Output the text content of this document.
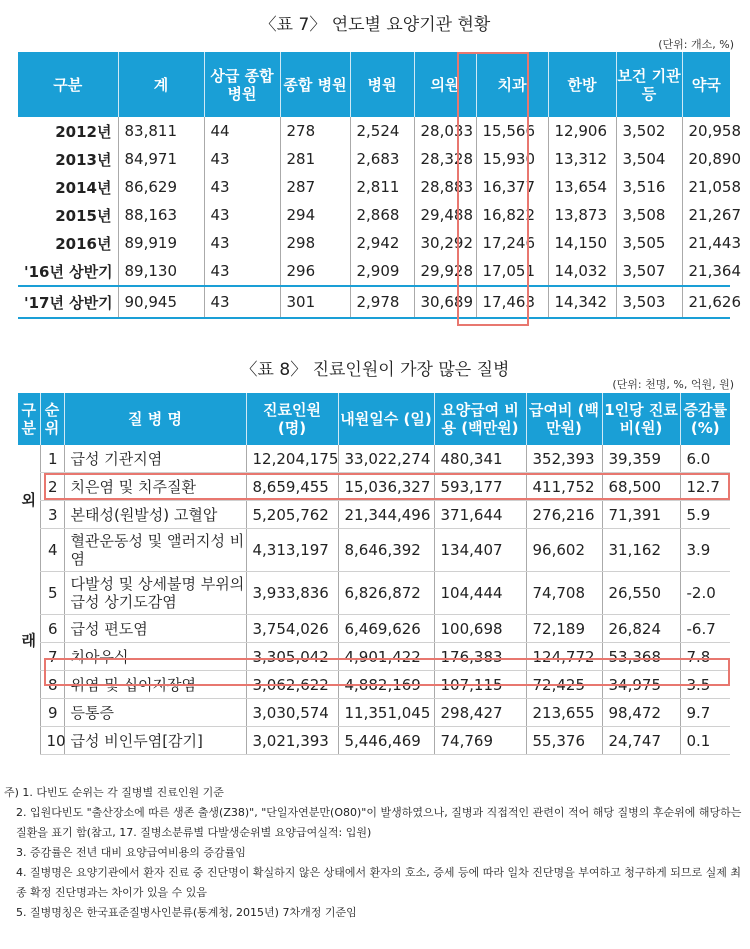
〈표 7〉 연도별 요양기관 현황
(단위: 개소, %)
구분	계	상급 종합병원	종합 병원	병원	의원	치과	한방	보건 기관 등	약국
2012년	83,811	44	278	2,524	28,033	15,566	12,906	3,502	20,958
2013년	84,971	43	281	2,683	28,328	15,930	13,312	3,504	20,890
2014년	86,629	43	287	2,811	28,883	16,377	13,654	3,516	21,058
2015년	88,163	43	294	2,868	29,488	16,822	13,873	3,508	21,267
2016년	89,919	43	298	2,942	30,292	17,246	14,150	3,505	21,443
'16년 상반기	89,130	43	296	2,909	29,928	17,051	14,032	3,507	21,364
'17년 상반기	90,945	43	301	2,978	30,689	17,463	14,342	3,503	21,626
〈표 8〉 진료인원이 가장 많은 질병
(단위: 천명, %, 억원, 원)
구분	순위	질 병 명	진료인원 (명)	내원일수 (일)	요양급여 비용 (백만원)	급여비 (백만원)	1인당 진료비(원)	증감률 (%)
외 래	1	급성 기관지염	12,204,175	33,022,274	480,341	352,393	39,359	6.0
	2	치은염 및 치주질환	8,659,455	15,036,327	593,177	411,752	68,500	12.7
	3	본태성(원발성) 고혈압	5,205,762	21,344,496	371,644	276,216	71,391	5.9
	4	혈관운동성 및 앨러지성 비염	4,313,197	8,646,392	134,407	96,602	31,162	3.9
	5	다발성 및 상세불명 부위의 급성 상기도감염	3,933,836	6,826,872	104,444	74,708	26,550	-2.0
	6	급성 편도염	3,754,026	6,469,626	100,698	72,189	26,824	-6.7
	7	치아우식	3,305,042	4,901,422	176,383	124,772	53,368	7.8
	8	위염 및 십이지장염	3,062,622	4,882,169	107,115	72,425	34,975	3.5
	9	등통증	3,030,574	11,351,045	298,427	213,655	98,472	9.7
	10	급성 비인두염[감기]	3,021,393	5,446,469	74,769	55,376	24,747	0.1

주) 1. 다빈도 순위는 각 질병별 진료인원 기준

2. 입원다빈도 "출산장소에 따른 생존 출생(Z38)", "단일자연분만(O80)"이 발생하였으나, 질병과 직접적인 관련이 적어 해당 질병의 후순위에 해당하는 질환을 표기 함(참고, 17. 질병소분류별 다발생순위별 요양급여실적: 입원)

3. 증감률은 전년 대비 요양급여비용의 증감률임

4. 질병명은 요양기관에서 환자 진료 중 진단명이 확실하지 않은 상태에서 환자의 호소, 증세 등에 따라 일차 진단명을 부여하고 청구하게 되므로 실제 최종 확정 진단명과는 차이가 있을 수 있음

5. 질병명칭은 한국표준질병사인분류(통계청, 2015년) 7차개정 기준임
